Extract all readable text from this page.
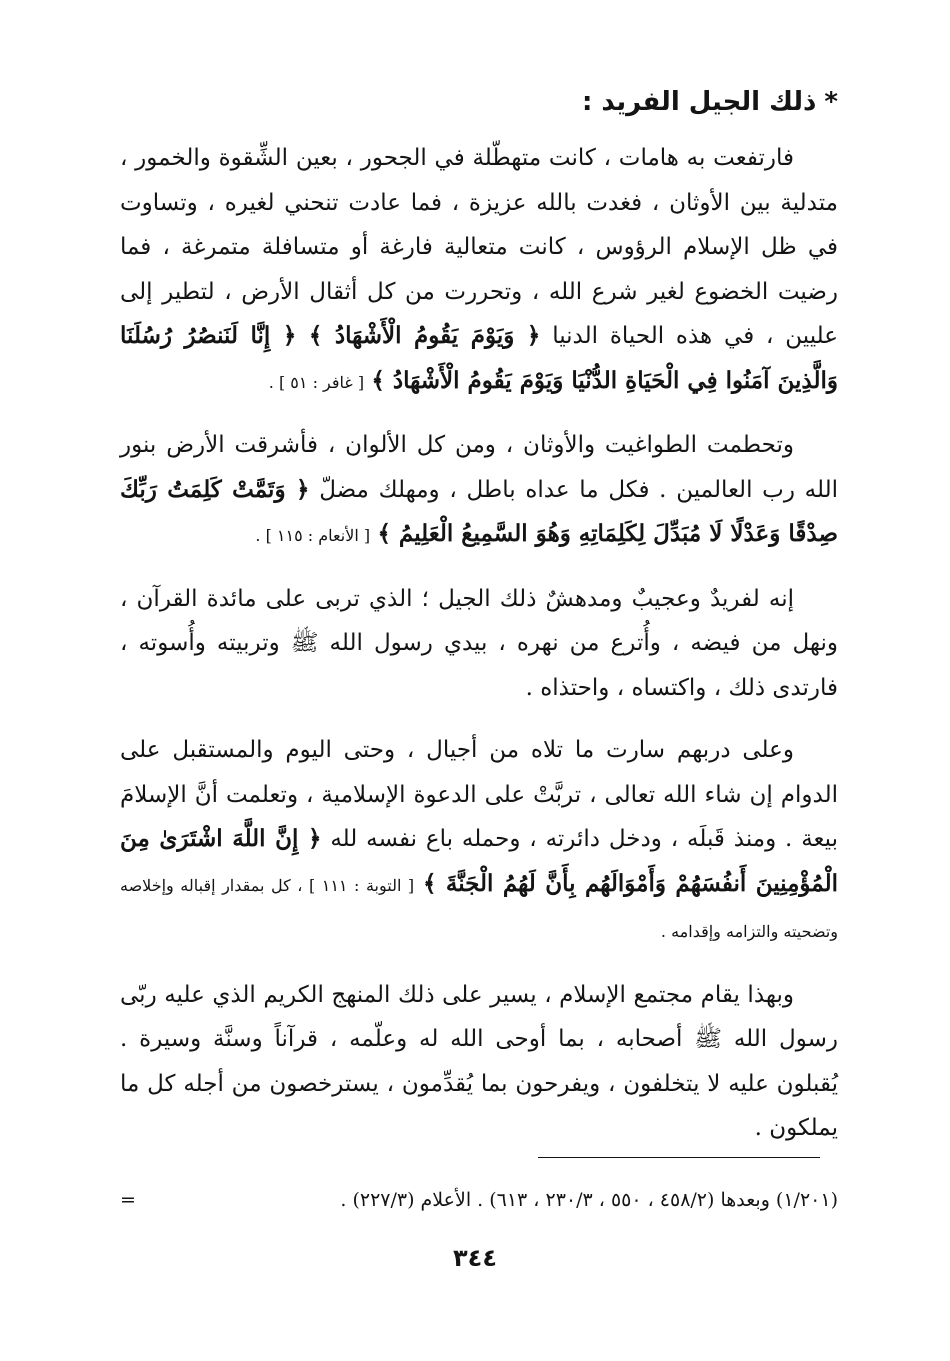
*ذلك الجيل الفريد :

فارتفعت به هامات ، كانت متهطّلة في الجحور ، بعين الشِّقوة والخمور ، متدلية بين الأوثان ، فغدت بالله عزيزة ، فما عادت تنحني لغيره ، وتساوت في ظل الإسلام الرؤوس ، كانت متعالية فارغة أو متسافلة متمرغة ، فما رضيت الخضوع لغير شرع الله ، وتحررت من كل أثقال الأرض ، لتطير إلى عليين ، في هذه الحياة الدنيا ﴿ وَيَوْمَ يَقُومُ الْأَشْهَادُ ﴾ ﴿ إِنَّا لَنَنصُرُ رُسُلَنَا وَالَّذِينَ آمَنُوا فِي الْحَيَاةِ الدُّنْيَا وَيَوْمَ يَقُومُ الْأَشْهَادُ ﴾ [ غافر : ٥١ ] .

وتحطمت الطواغيت والأوثان ، ومن كل الألوان ، فأشرقت الأرض بنور الله رب العالمين . فكل ما عداه باطل ، ومهلك مضلّ ﴿ وَتَمَّتْ كَلِمَتُ رَبِّكَ صِدْقًا وَعَدْلًا لَا مُبَدِّلَ لِكَلِمَاتِهِ وَهُوَ السَّمِيعُ الْعَلِيمُ ﴾ [ الأنعام : ١١٥ ] .

إنه لفريدٌ وعجيبٌ ومدهشٌ ذلك الجيل ؛ الذي تربى على مائدة القرآن ، ونهل من فيضه ، وأُترع من نهره ، بيدي رسول الله ﷺ وتربيته وأُسوته ، فارتدى ذلك ، واكتساه ، واحتذاه .

وعلى دربهم سارت ما تلاه من أجيال ، وحتى اليوم والمستقبل على الدوام إن شاء الله تعالى ، تربَّتْ على الدعوة الإسلامية ، وتعلمت أنَّ الإسلامَ بيعة . ومنذ قَبلَه ، ودخل دائرته ، وحمله باع نفسه لله ﴿ إِنَّ اللَّهَ اشْتَرَىٰ مِنَ الْمُؤْمِنِينَ أَنفُسَهُمْ وَأَمْوَالَهُم بِأَنَّ لَهُمُ الْجَنَّةَ ﴾ [ التوبة : ١١١ ] ، كل بمقدار إقباله وإخلاصه وتضحيته والتزامه وإقدامه .

وبهذا يقام مجتمع الإسلام ، يسير على ذلك المنهج الكريم الذي عليه ربّى رسول الله ﷺ أصحابه ، بما أوحى الله له وعلّمه ، قرآناً وسنَّة وسيرة . يُقبلون عليه لا يتخلفون ، ويفرحون بما يُقدِّمون ، يسترخصون من أجله كل ما يملكون .

(١/٢٠١) وبعدها (٤٥٨/٢ ، ٥٥٠ ، ٢٣٠/٣ ، ٦١٣) . الأعلام (٢٢٧/٣) .
=
٣٤٤
